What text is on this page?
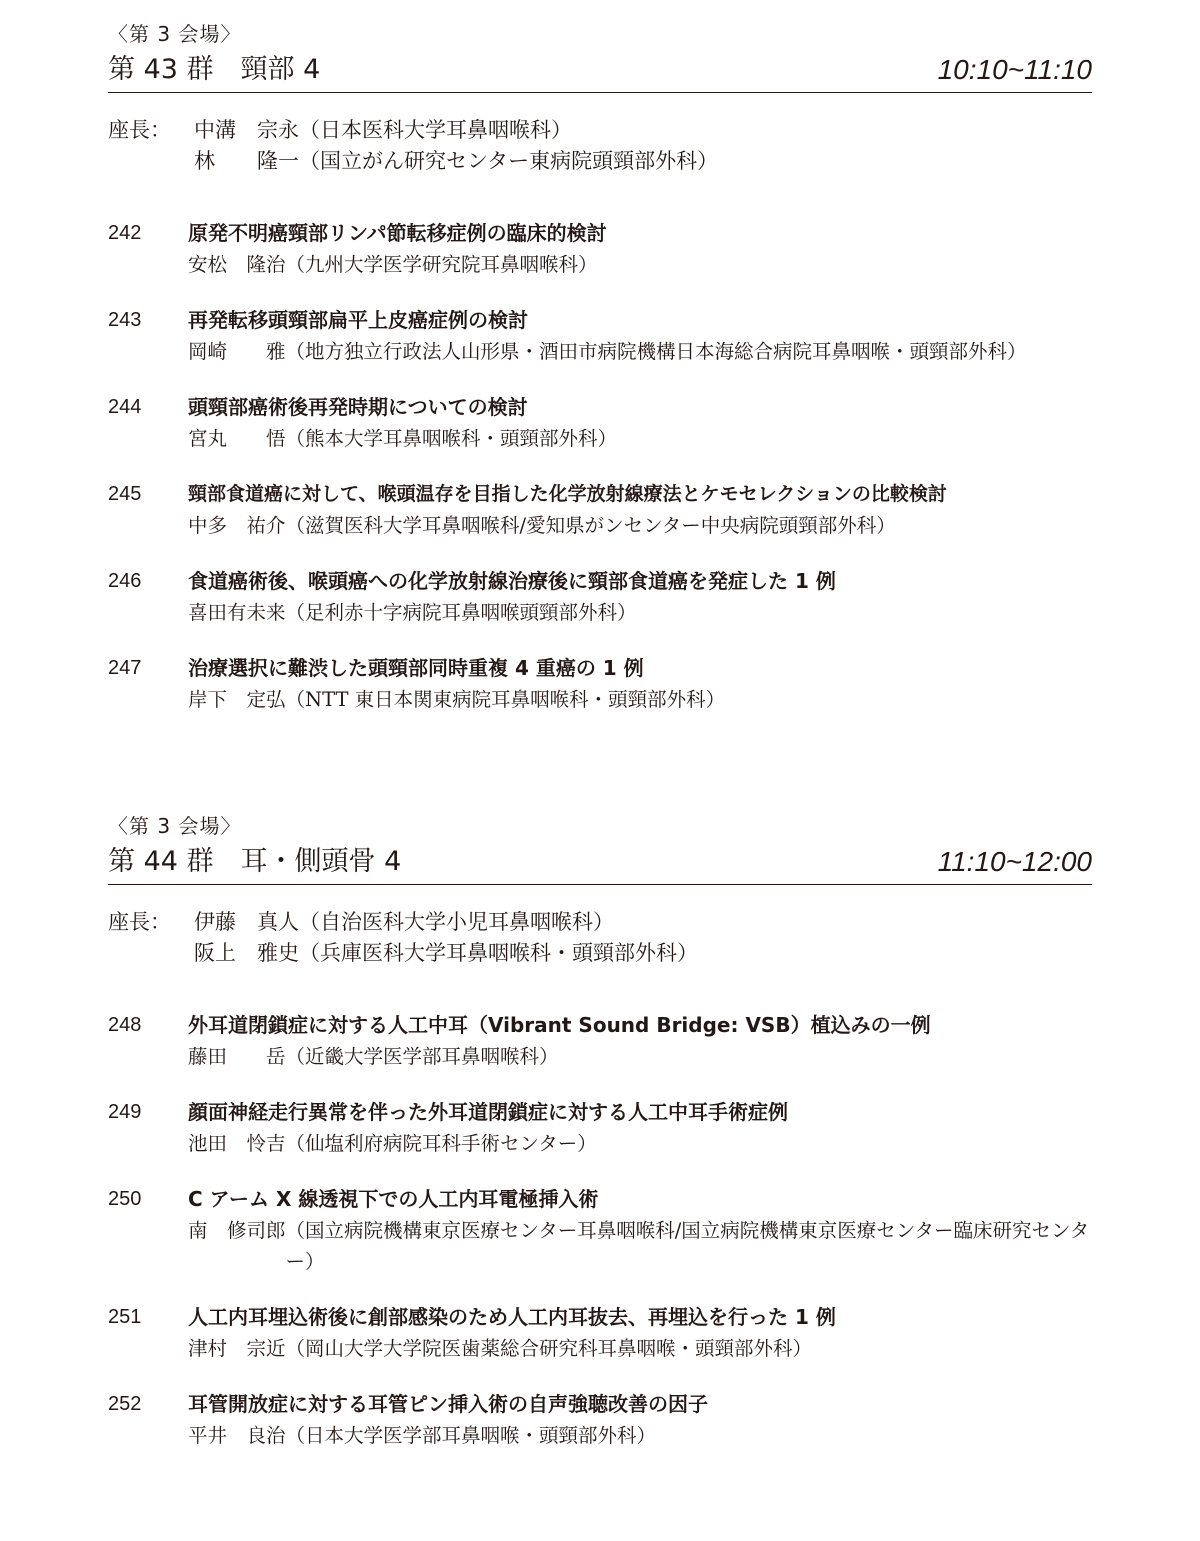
〈第 3 会場〉
第 43 群　頸部 4	10:10~11:10
座長： 中溝　宗永（日本医科大学耳鼻咽喉科）
林　　隆一（国立がん研究センター東病院頭頸部外科）
242 原発不明癌頸部リンパ節転移症例の臨床的検討
安松　隆治 （九州大学医学研究院耳鼻咽喉科）
243 再発転移頭頸部扁平上皮癌症例の検討
岡崎　　雅 （地方独立行政法人山形県・酒田市病院機構日本海総合病院耳鼻咽喉・頭頸部外科）
244 頭頸部癌術後再発時期についての検討
宮丸　　悟 （熊本大学耳鼻咽喉科・頭頸部外科）
245 頸部食道癌に対して、喉頭温存を目指した化学放射線療法とケモセレクションの比較検討
中多　祐介 （滋賀医科大学耳鼻咽喉科/愛知県がンセンター中央病院頭頸部外科）
246 食道癌術後、喉頭癌への化学放射線治療後に頸部食道癌を発症した 1 例
喜田有未来 （足利赤十字病院耳鼻咽喉頭頸部外科）
247 治療選択に難渋した頭頸部同時重複 4 重癌の 1 例
岸下　定弘 （NTT 東日本関東病院耳鼻咽喉科・頭頸部外科）
〈第 3 会場〉
第 44 群　耳・側頭骨 4	11:10~12:00
座長： 伊藤　真人（自治医科大学小児耳鼻咽喉科）
阪上　雅史（兵庫医科大学耳鼻咽喉科・頭頸部外科）
248 外耳道閉鎖症に対する人工中耳（Vibrant Sound Bridge: VSB）植込みの一例
藤田　　岳 （近畿大学医学部耳鼻咽喉科）
249 顔面神経走行異常を伴った外耳道閉鎖症に対する人工中耳手術症例
池田　怜吉 （仙塩利府病院耳科手術センター）
250 C アーム X 線透視下での人工内耳電極挿入術
南　修司郎 （国立病院機構東京医療センター耳鼻咽喉科/国立病院機構東京医療センター臨床研究センター）
251 人工内耳埋込術後に創部感染のため人工内耳抜去、再埋込を行った 1 例
津村　宗近 （岡山大学大学院医歯薬総合研究科耳鼻咽喉・頭頸部外科）
252 耳管開放症に対する耳管ピン挿入術の自声強聴改善の因子
平井　良治 （日本大学医学部耳鼻咽喉・頭頸部外科）
